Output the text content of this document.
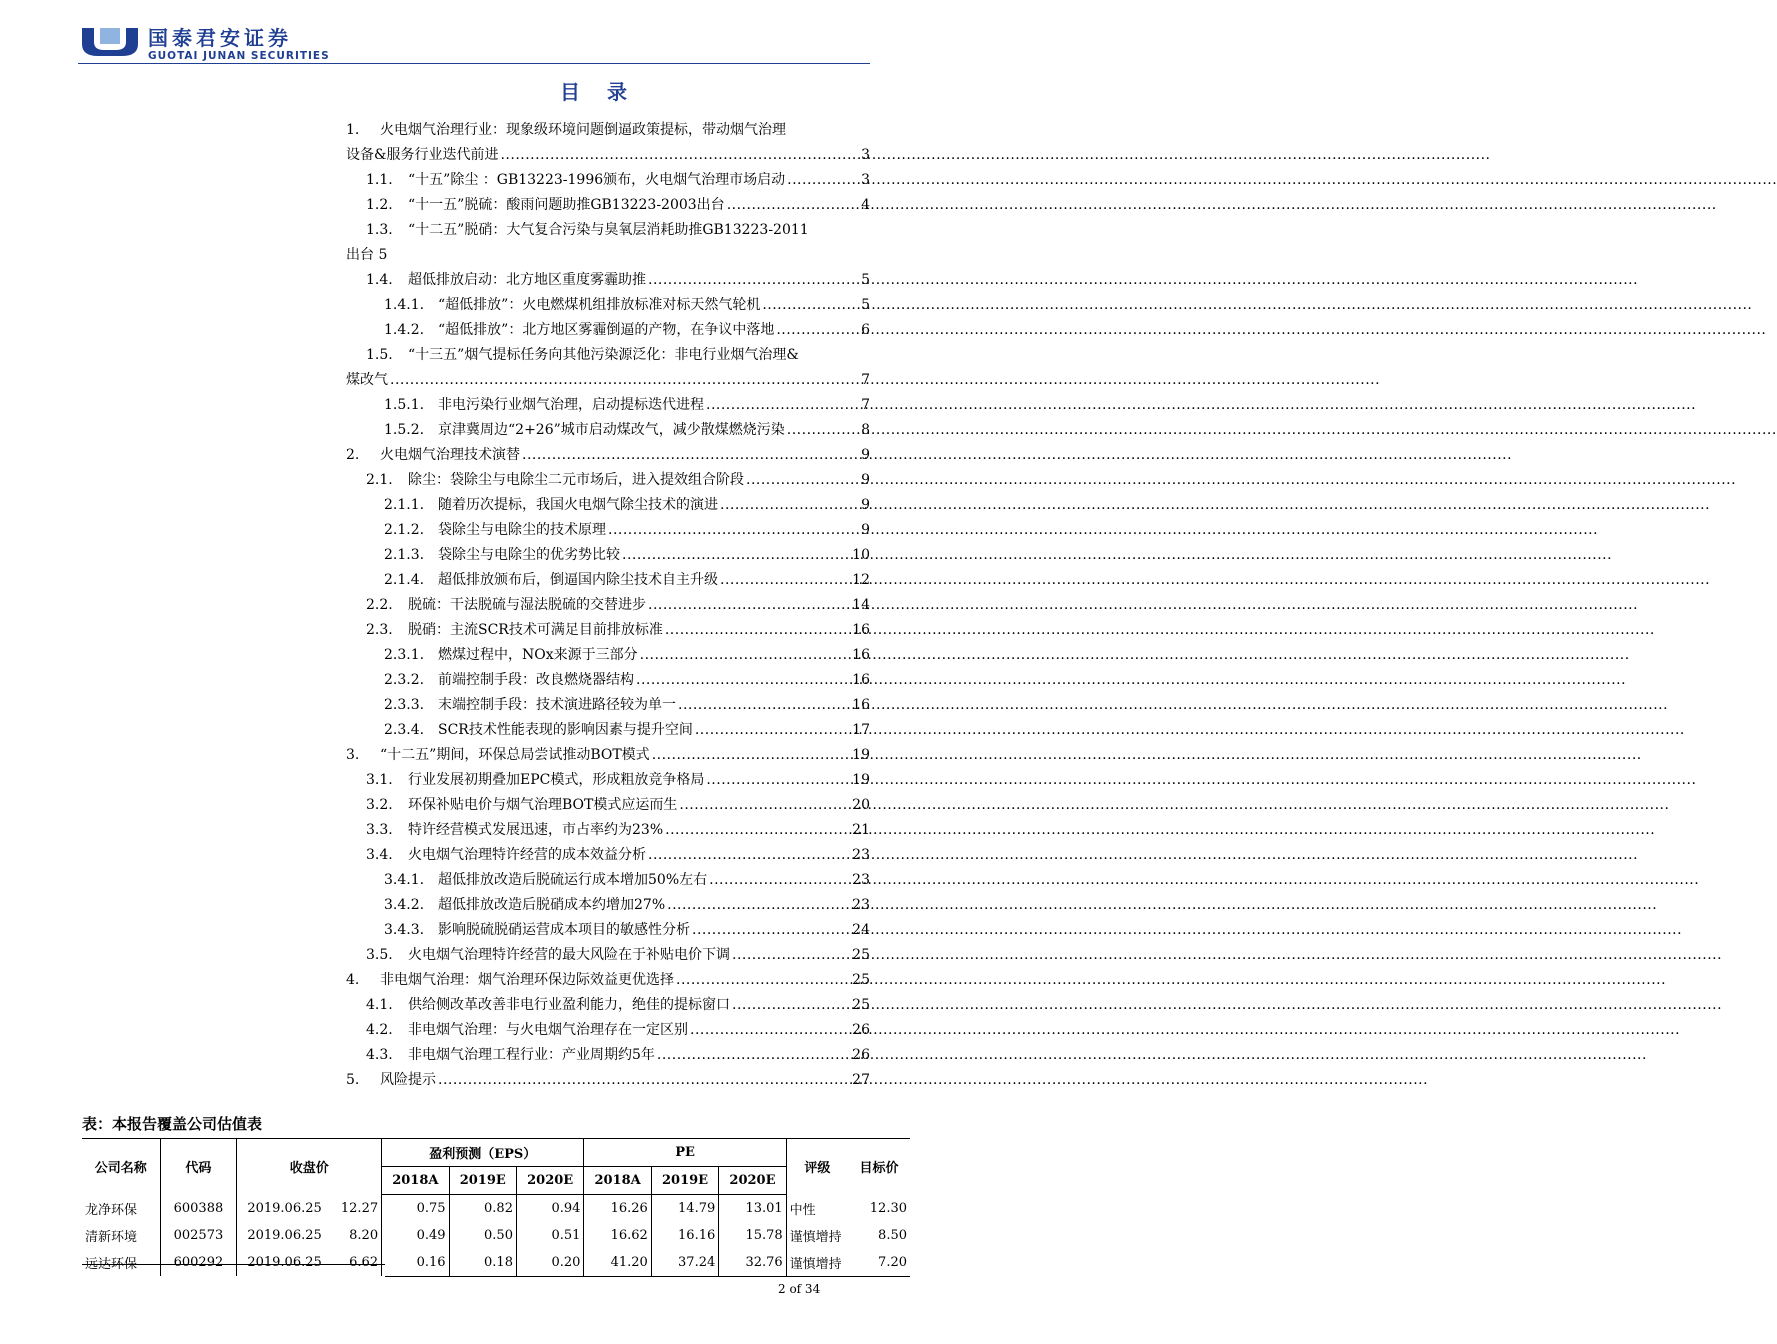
国泰君安证券
GUOTAI JUNAN SECURITIES
目 录
1.	火电烟气治理行业：现象级环境问题倒逼政策提标，带动烟气治理
设备&服务行业迭代前进 .....	3
1.1.	“十五”除尘 ：GB13223-1996颁布，火电烟气治理市场启动 .....	3
1.2.	“十一五”脱硫：酸雨问题助推GB13223-2003出台 .....	4
1.3.	“十二五”脱硝：大气复合污染与臭氧层消耗助推GB13223-2011
出台 5
1.4.	超低排放启动：北方地区重度雾霾助推 .....	5
1.4.1. “超低排放”：火电燃煤机组排放标准对标天然气轮机 .....	5
1.4.2. “超低排放”：北方地区雾霾倒逼的产物，在争议中落地 .....	6
1.5.	“十三五”烟气提标任务向其他污染源泛化：非电行业烟气治理&
煤改气 .....	7
1.5.1. 非电污染行业烟气治理，启动提标迭代进程 .....	7
1.5.2. 京津冀周边“2+26”城市启动煤改气，减少散煤燃烧污染 .....	8
2.	火电烟气治理技术演替 .....	9
2.1.	除尘：袋除尘与电除尘二元市场后，进入提效组合阶段 .....	9
2.1.1. 随着历次提标，我国火电烟气除尘技术的演进 .....	9
2.1.2. 袋除尘与电除尘的技术原理 .....	9
2.1.3. 袋除尘与电除尘的优劣势比较 .....	10
2.1.4. 超低排放颁布后，倒逼国内除尘技术自主升级 .....	12
2.2.	脱硫：干法脱硫与湿法脱硫的交替进步 .....	14
2.3.	脱硝：主流SCR技术可满足目前排放标准 .....	16
2.3.1. 燃煤过程中，NOx来源于三部分 .....	16
2.3.2. 前端控制手段：改良燃烧器结构 .....	16
2.3.3. 末端控制手段：技术演进路径较为单一 .....	16
2.3.4. SCR技术性能表现的影响因素与提升空间 .....	17
3.	“十二五”期间，环保总局尝试推动BOT模式 .....	19
3.1.	行业发展初期叠加EPC模式，形成粗放竞争格局 .....	19
3.2.	环保补贴电价与烟气治理BOT模式应运而生 .....	20
3.3.	特许经营模式发展迅速，市占率约为23% .....	21
3.4.	火电烟气治理特许经营的成本效益分析 .....	23
3.4.1. 超低排放改造后脱硫运行成本增加50%左右 .....	23
3.4.2. 超低排放改造后脱硝成本约增加27% .....	23
3.4.3. 影响脱硫脱硝运营成本项目的敏感性分析 .....	24
3.5.	火电烟气治理特许经营的最大风险在于补贴电价下调 .....	25
4.	非电烟气治理：烟气治理环保边际效益更优选择 .....	25
4.1.	供给侧改革改善非电行业盈利能力，绝佳的提标窗口 .....	25
4.2.	非电烟气治理：与火电烟气治理存在一定区别 .....	26
4.3.	非电烟气治理工程行业：产业周期约5年 .....	26
5.	风险提示 .....	27
表：本报告覆盖公司估值表
公司名称	代码	收盘价		盈利预测（EPS）			PE			评级	目标价
				2018A	2019E	2020E	2018A	2019E	2020E		
龙净环保	600388	2019.06.25	12.27	0.75	0.82	0.94	16.26	14.79	13.01	中性	12.30
清新环境	002573	2019.06.25	8.20	0.49	0.50	0.51	16.62	16.16	15.78	谨慎增持	8.50
远达环保	600292	2019.06.25	6.62	0.16	0.18	0.20	41.20	37.24	32.76	谨慎增持	7.20
2 of 34
